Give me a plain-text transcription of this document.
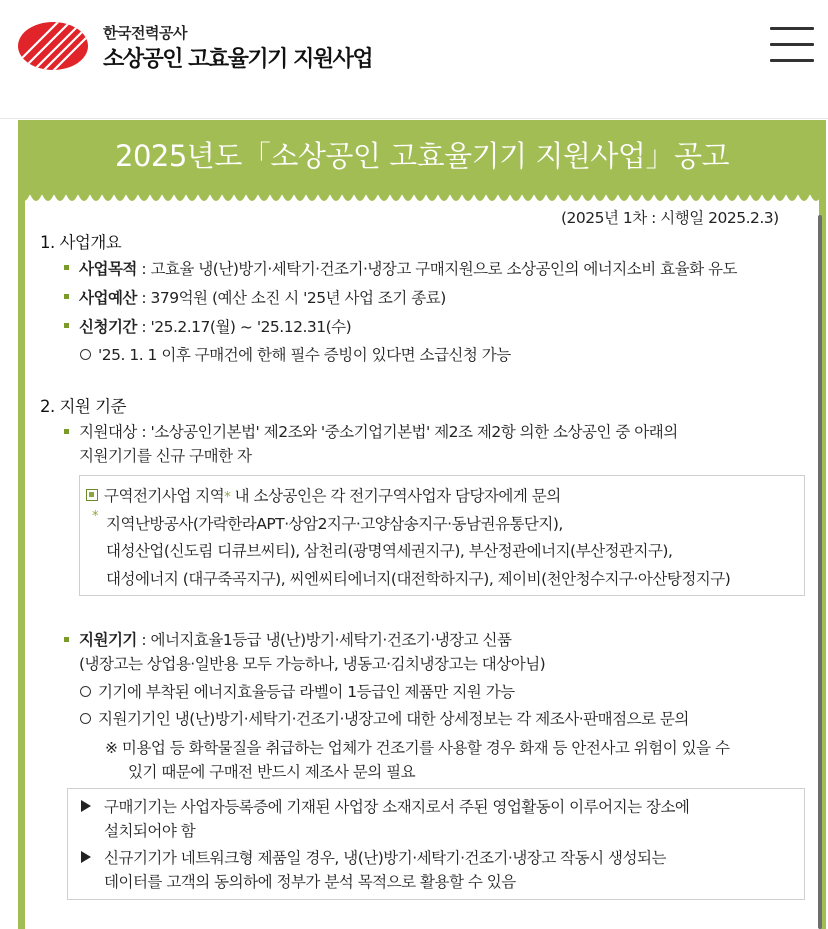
한국전력공사
소상공인 고효율기기 지원사업
2025년도「소상공인 고효율기기 지원사업」공고
(2025년 1차 : 시행일 2025.2.3)
1. 사업개요
사업목적 : 고효율 냉(난)방기·세탁기·건조기·냉장고 구매지원으로 소상공인의 에너지소비 효율화 유도
사업예산 : 379억원 (예산 소진 시 '25년 사업 조기 종료)
신청기간 : '25.2.17(월) ~ '25.12.31(수)
'25. 1. 1 이후 구매건에 한해 필수 증빙이 있다면 소급신청 가능
2. 지원 기준
지원대상 : '소상공인기본법' 제2조와 '중소기업기본법' 제2조 제2항 의한 소상공인 중 아래의
지원기기를 신규 구매한 자
구역전기사업 지역* 내 소상공인은 각 전기구역사업자 담당자에게 문의
* 지역난방공사(가락한라APT·상암2지구·고양삼송지구·동남권유통단지),
대성산업(신도림 디큐브씨티), 삼천리(광명역세권지구), 부산정관에너지(부산정관지구),
대성에너지 (대구죽곡지구), 씨엔씨티에너지(대전학하지구), 제이비(천안청수지구·아산탕정지구)
지원기기 : 에너지효율1등급 냉(난)방기·세탁기·건조기·냉장고 신품
(냉장고는 상업용·일반용 모두 가능하나, 냉동고·김치냉장고는 대상아님)
기기에 부착된 에너지효율등급 라벨이 1등급인 제품만 지원 가능
지원기기인 냉(난)방기·세탁기·건조기·냉장고에 대한 상세정보는 각 제조사·판매점으로 문의
※ 미용업 등 화학물질을 취급하는 업체가 건조기를 사용할 경우 화재 등 안전사고 위험이 있을 수
있기 때문에 구매전 반드시 제조사 문의 필요
구매기기는 사업자등록증에 기재된 사업장 소재지로서 주된 영업활동이 이루어지는 장소에
설치되어야 함
신규기기가 네트워크형 제품일 경우, 냉(난)방기·세탁기·건조기·냉장고 작동시 생성되는
데이터를 고객의 동의하에 정부가 분석 목적으로 활용할 수 있음
